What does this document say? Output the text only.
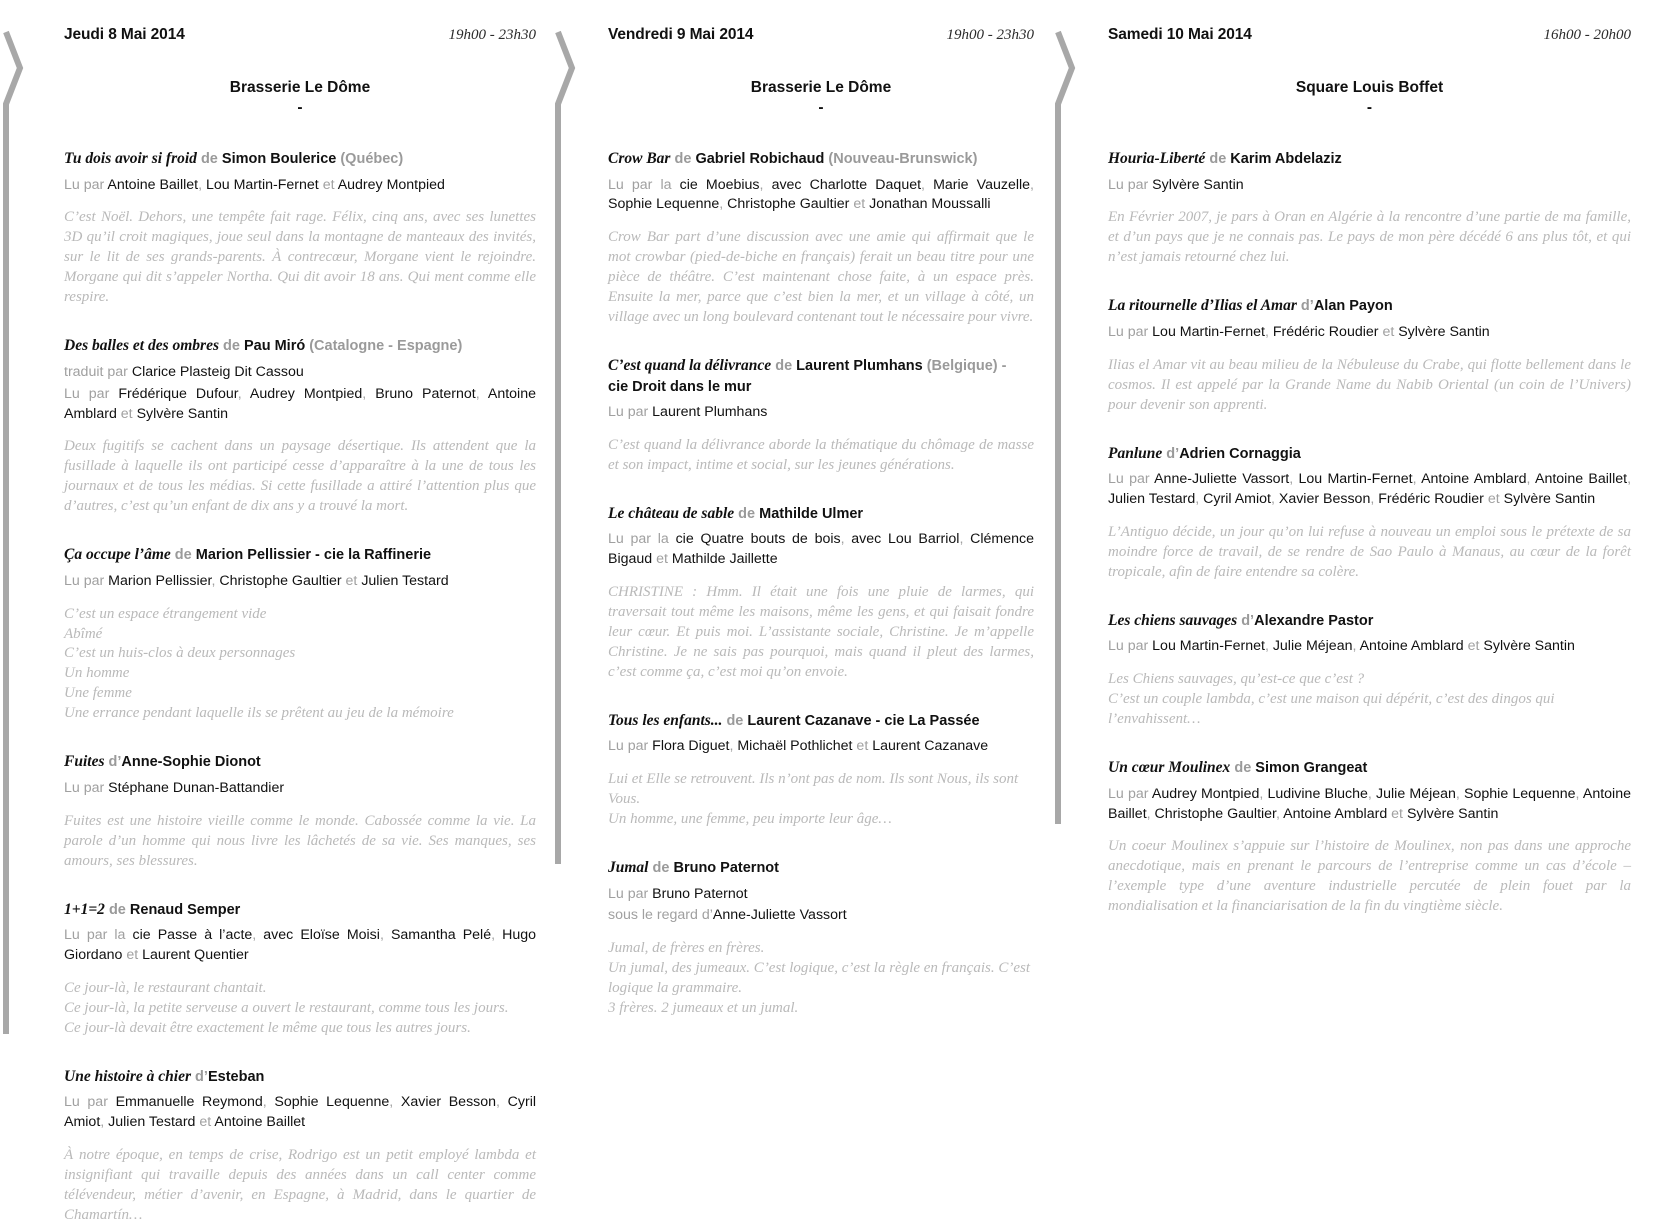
Jeudi 8 Mai 2014	19h00 - 23h30
Brasserie Le Dôme
-
Tu dois avoir si froid de Simon Boulerice (Québec)
Lu par Antoine Baillet, Lou Martin-Fernet et Audrey Montpied
C’est Noël. Dehors, une tempête fait rage. Félix, cinq ans, avec ses lunettes 3D qu’il croit magiques, joue seul dans la montagne de manteaux des invités, sur le lit de ses grands-parents. À contrecœur, Morgane vient le rejoindre. Morgane qui dit s’appeler Northa. Qui dit avoir 18 ans. Qui ment comme elle respire.
Des balles et des ombres de Pau Miró (Catalogne - Espagne)
traduit par Clarice Plasteig Dit Cassou
Lu par Frédérique Dufour, Audrey Montpied, Bruno Paternot, Antoine Amblard et Sylvère Santin
Deux fugitifs se cachent dans un paysage désertique. Ils attendent que la fusillade à laquelle ils ont participé cesse d’apparaître à la une de tous les journaux et de tous les médias. Si cette fusillade a attiré l’attention plus que d’autres, c’est qu’un enfant de dix ans y a trouvé la mort.
Ça occupe l’âme de Marion Pellissier - cie la Raffinerie
Lu par Marion Pellissier, Christophe Gaultier et Julien Testard
C’est un espace étrangement vide
Abîmé
C’est un huis-clos à deux personnages
Un homme
Une femme
Une errance pendant laquelle ils se prêtent au jeu de la mémoire
Fuites d’Anne-Sophie Dionot
Lu par Stéphane Dunan-Battandier
Fuites est une histoire vieille comme le monde. Cabossée comme la vie. La parole d’un homme qui nous livre les lâchetés de sa vie. Ses manques, ses amours, ses blessures.
1+1=2 de Renaud Semper
Lu par la cie Passe à l’acte, avec Eloïse Moisi, Samantha Pelé, Hugo Giordano et Laurent Quentier
Ce jour-là, le restaurant chantait.
Ce jour-là, la petite serveuse a ouvert le restaurant, comme tous les jours.
Ce jour-là devait être exactement le même que tous les autres jours.
Une histoire à chier d’Esteban
Lu par Emmanuelle Reymond, Sophie Lequenne, Xavier Besson, Cyril Amiot, Julien Testard et Antoine Baillet
À notre époque, en temps de crise, Rodrigo est un petit employé lambda et insignifiant qui travaille depuis des années dans un call center comme télévendeur, métier d’avenir, en Espagne, à Madrid, dans le quartier de Chamartín…
Vendredi 9 Mai 2014	19h00 - 23h30
Brasserie Le Dôme
-
Crow Bar de Gabriel Robichaud (Nouveau-Brunswick)
Lu par la cie Moebius, avec Charlotte Daquet, Marie Vauzelle, Sophie Lequenne, Christophe Gaultier et Jonathan Moussalli
Crow Bar part d’une discussion avec une amie qui affirmait que le mot crowbar (pied-de-biche en français) ferait un beau titre pour une pièce de théâtre. C’est maintenant chose faite, à un espace près. Ensuite la mer, parce que c’est bien la mer, et un village à côté, un village avec un long boulevard contenant tout le nécessaire pour vivre.
C’est quand la délivrance de Laurent Plumhans (Belgique) -
cie Droit dans le mur
Lu par Laurent Plumhans
C’est quand la délivrance aborde la thématique du chômage de masse et son impact, intime et social, sur les jeunes générations.
Le château de sable de Mathilde Ulmer
Lu par la cie Quatre bouts de bois, avec Lou Barriol, Clémence Bigaud et Mathilde Jaillette
CHRISTINE : Hmm. Il était une fois une pluie de larmes, qui traversait tout même les maisons, même les gens, et qui faisait fondre leur cœur. Et puis moi. L’assistante sociale, Christine. Je m’appelle Christine. Je ne sais pas pourquoi, mais quand il pleut des larmes, c’est comme ça, c’est moi qu’on envoie.
Tous les enfants... de Laurent Cazanave - cie La Passée
Lu par Flora Diguet, Michaël Pothlichet et Laurent Cazanave
Lui et Elle se retrouvent. Ils n’ont pas de nom. Ils sont Nous, ils sont Vous.
Un homme, une femme, peu importe leur âge…
Jumal de Bruno Paternot
Lu par Bruno Paternot
sous le regard d’Anne-Juliette Vassort
Jumal, de frères en frères.
Un jumal, des jumeaux. C’est logique, c’est la règle en français. C’est logique la grammaire.
3 frères. 2 jumeaux et un jumal.
Samedi 10 Mai 2014	16h00 - 20h00
Square Louis Boffet
-
Houria-Liberté de Karim Abdelaziz
Lu par Sylvère Santin
En Février 2007, je pars à Oran en Algérie à la rencontre d’une partie de ma famille, et d’un pays que je ne connais pas. Le pays de mon père décédé 6 ans plus tôt, et qui n’est jamais retourné chez lui.
La ritournelle d’Ilias el Amar d’Alan Payon
Lu par Lou Martin-Fernet, Frédéric Roudier et Sylvère Santin
Ilias el Amar vit au beau milieu de la Nébuleuse du Crabe, qui flotte bellement dans le cosmos. Il est appelé par la Grande Name du Nabib Oriental (un coin de l’Univers) pour devenir son apprenti.
Panlune d’Adrien Cornaggia
Lu par Anne-Juliette Vassort, Lou Martin-Fernet, Antoine Amblard, Antoine Baillet, Julien Testard, Cyril Amiot, Xavier Besson, Frédéric Roudier et Sylvère Santin
L’Antiguo décide, un jour qu’on lui refuse à nouveau un emploi sous le prétexte de sa moindre force de travail, de se rendre de Sao Paulo à Manaus, au cœur de la forêt tropicale, afin de faire entendre sa colère.
Les chiens sauvages d’Alexandre Pastor
Lu par Lou Martin-Fernet, Julie Méjean, Antoine Amblard et Sylvère Santin
Les Chiens sauvages, qu’est-ce que c’est ?
C’est un couple lambda, c’est une maison qui dépérit, c’est des dingos qui l’envahissent…
Un cœur Moulinex de Simon Grangeat
Lu par Audrey Montpied, Ludivine Bluche, Julie Méjean, Sophie Lequenne, Antoine Baillet, Christophe Gaultier, Antoine Amblard et Sylvère Santin
Un coeur Moulinex s’appuie sur l’histoire de Moulinex, non pas dans une approche anecdotique, mais en prenant le parcours de l’entreprise comme un cas d’école – l’exemple type d’une aventure industrielle percutée de plein fouet par la mondialisation et la financiarisation de la fin du vingtième siècle.
